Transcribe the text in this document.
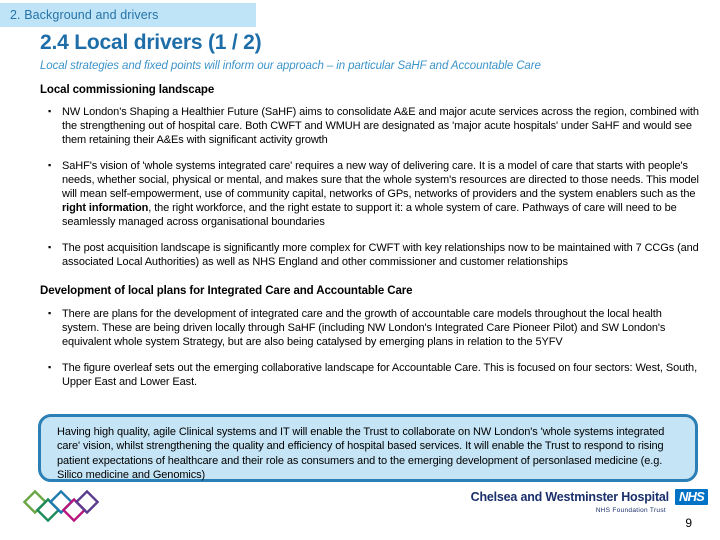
2. Background and drivers
2.4 Local drivers (1 / 2)
Local strategies and fixed points will inform our approach – in particular SaHF and Accountable Care
Local commissioning landscape
▪ NW London's Shaping a Healthier Future (SaHF) aims to consolidate A&E and major acute services across the region, combined with the strengthening out of hospital care. Both CWFT and WMUH are designated as 'major acute hospitals' under SaHF and would see them retaining their A&Es with significant activity growth
▪ SaHF's vision of 'whole systems integrated care' requires a new way of delivering care. It is a model of care that starts with people's needs, whether social, physical or mental, and makes sure that the whole system's resources are directed to those needs. This model will mean self-empowerment, use of community capital, networks of GPs, networks of providers and the system enablers such as the right information, the right workforce, and the right estate to support it: a whole system of care. Pathways of care will need to be seamlessly managed across organisational boundaries
▪ The post acquisition landscape is significantly more complex for CWFT with key relationships now to be maintained with 7 CCGs (and associated Local Authorities) as well as NHS England and other commissioner and customer relationships
Development of local plans for Integrated Care and Accountable Care
▪ There are plans for the development of integrated care and the growth of accountable care models throughout the local health system. These are being driven locally through SaHF (including NW London's Integrated Care Pioneer Pilot) and SW London's equivalent whole system Strategy, but are also being catalysed by emerging plans in relation to the 5YFV
▪ The figure overleaf sets out the emerging collaborative landscape for Accountable Care. This is focused on four sectors: West, South, Upper East and Lower East.
Having high quality, agile Clinical systems and IT will enable the Trust to collaborate on NW London's 'whole systems integrated care' vision, whilst strengthening the quality and efficiency of hospital based services. It will enable the Trust to respond to rising patient expectations of healthcare and their role as consumers and to the emerging development of personlased medicine (e.g. Silico medicine and Genomics)
Chelsea and Westminster Hospital NHS
NHS Foundation Trust
9
